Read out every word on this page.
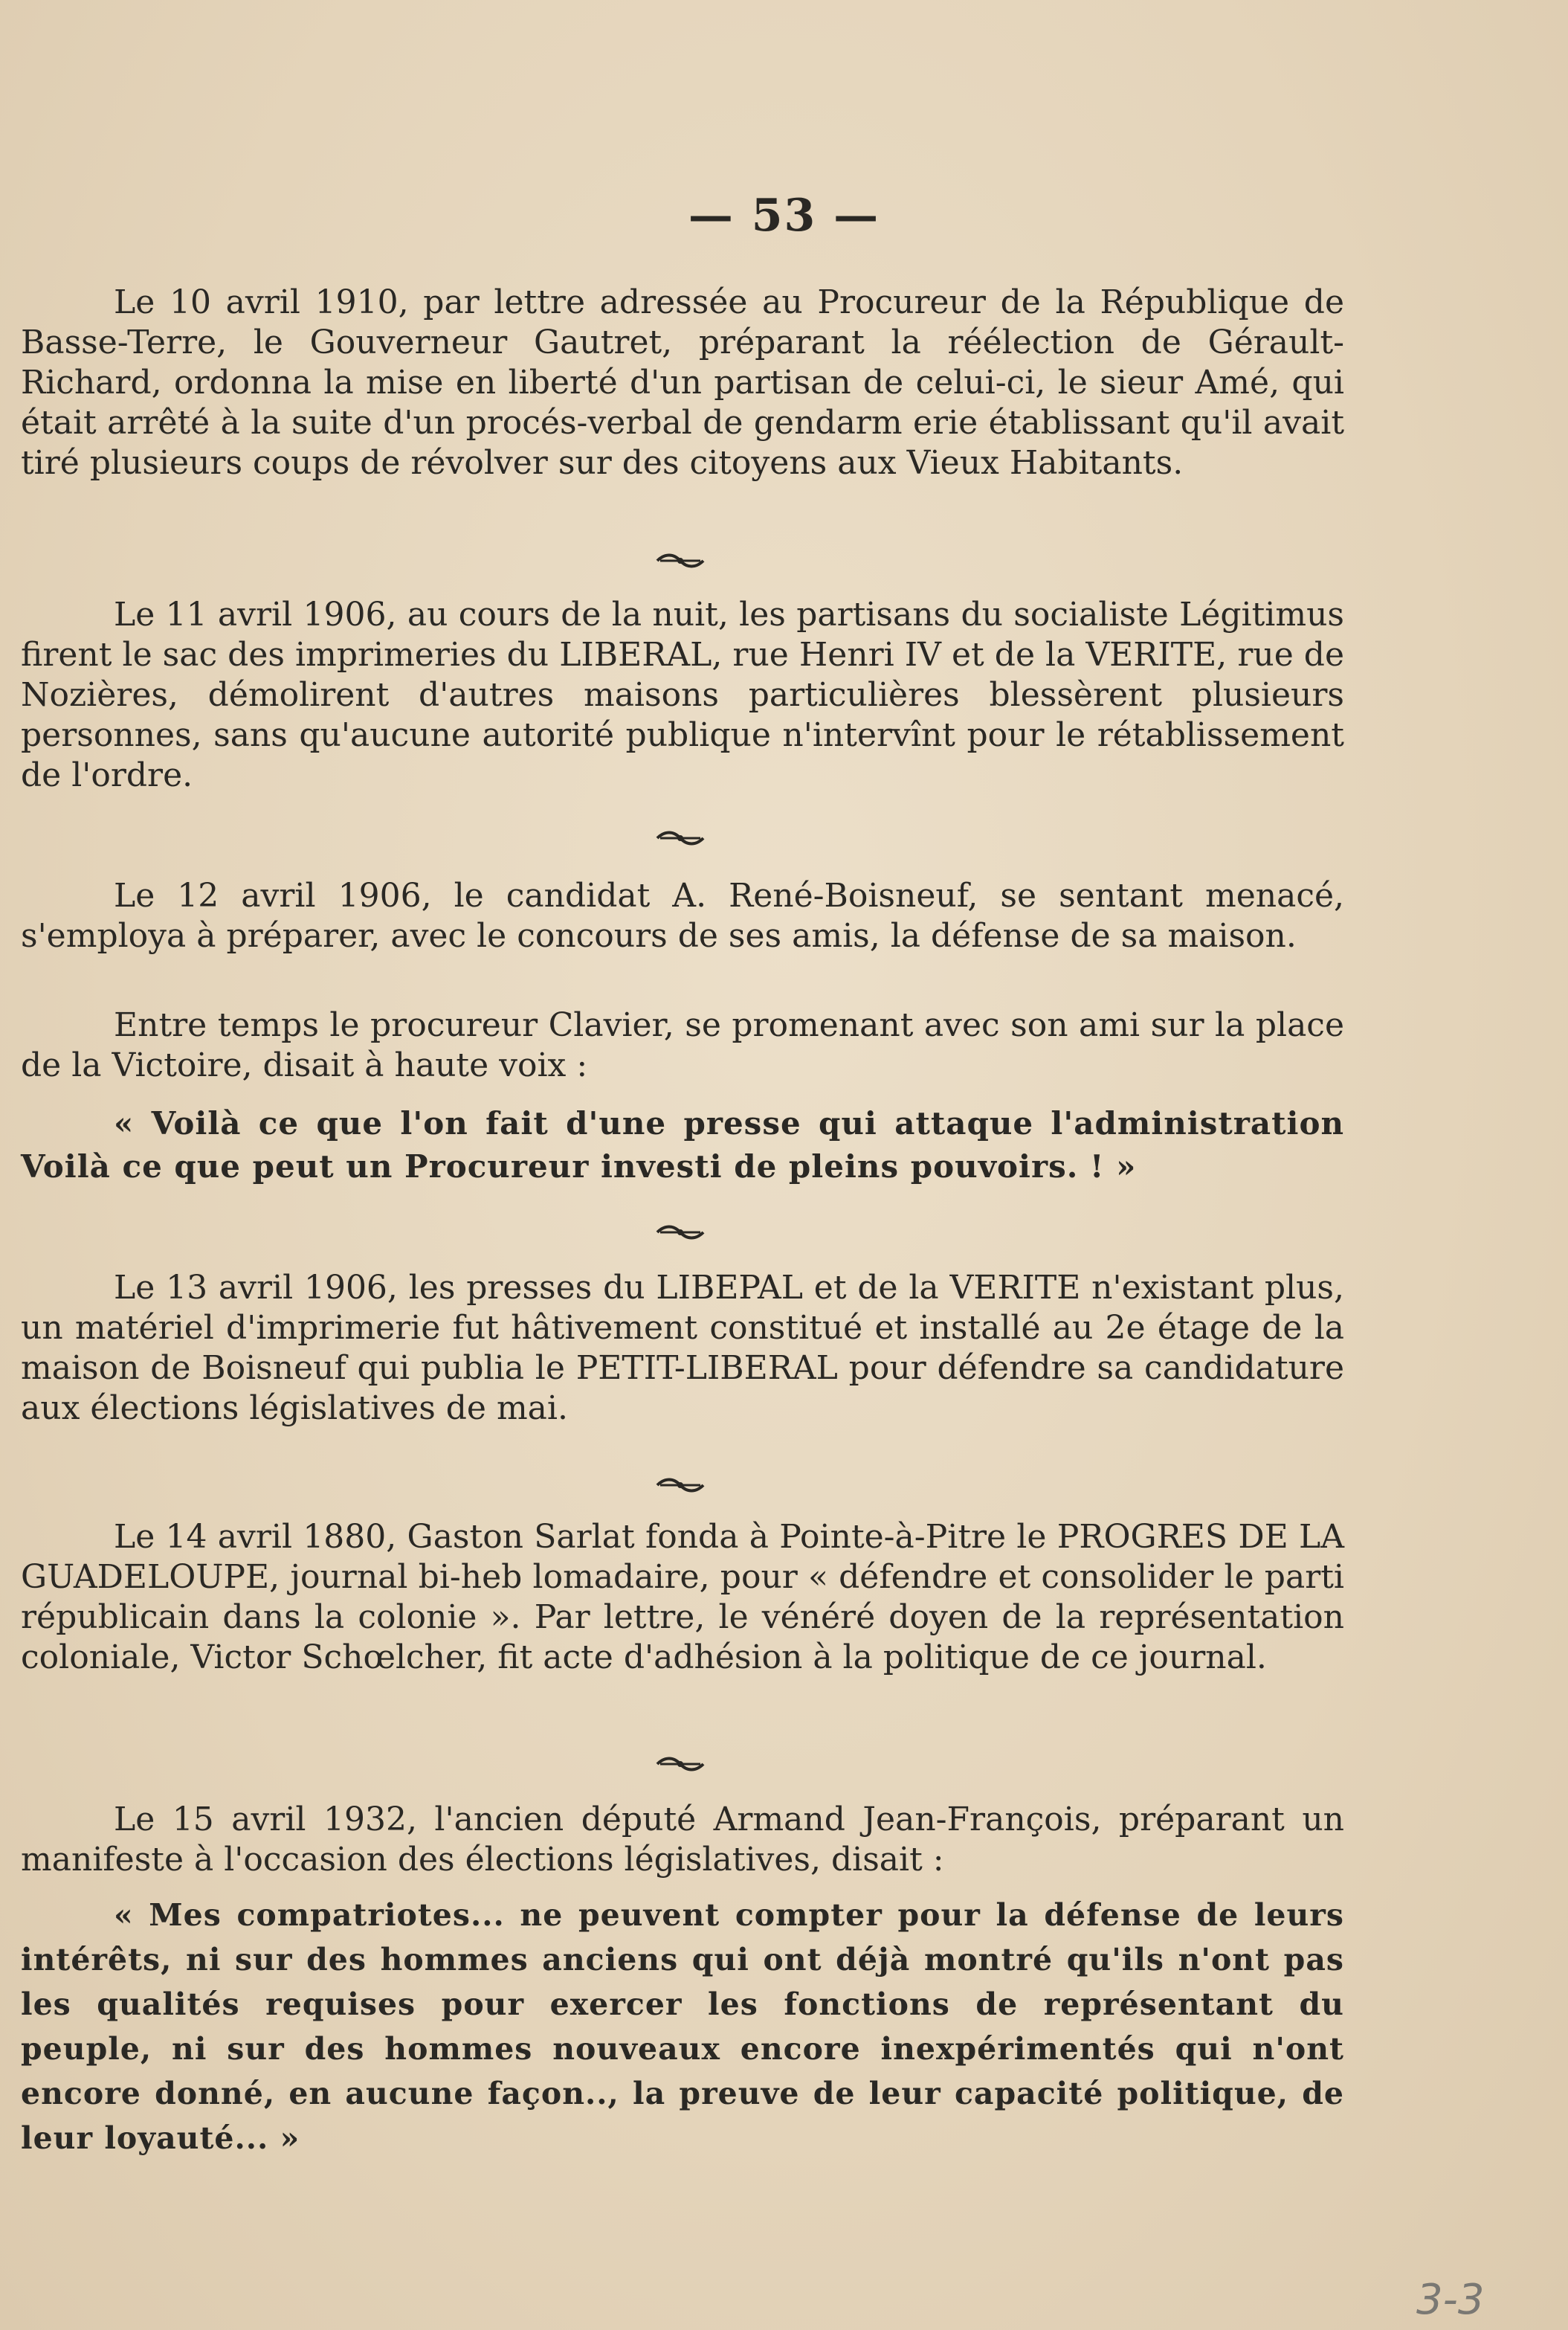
— 53 —

Le 10 avril 1910, par lettre adressée au Procureur de la République de Basse-Terre, le Gouverneur Gautret, préparant la réélection de Gérault-Richard, ordonna la mise en liberté d'un partisan de celui-ci, le sieur Amé, qui était arrêté à la suite d'un procés-verbal de gendarm erie établissant qu'il avait tiré plusieurs coups de révolver sur des citoyens aux Vieux Habitants.

Le 11 avril 1906, au cours de la nuit, les partisans du socialiste Légitimus firent le sac des imprimeries du LIBERAL, rue Henri IV et de la VERITE, rue de Nozières, démolirent d'autres maisons particulières blessèrent plusieurs personnes, sans qu'aucune autorité publique n'intervînt pour le rétablissement de l'ordre.

Le 12 avril 1906, le candidat A. René-Boisneuf, se sentant menacé, s'employa à préparer, avec le concours de ses amis, la défense de sa maison.

Entre temps le procureur Clavier, se promenant avec son ami sur la place de la Victoire, disait à haute voix :

« Voilà ce que l'on fait d'une presse qui attaque l'administration Voilà ce que peut un Procureur investi de pleins pouvoirs. ! »

Le 13 avril 1906, les presses du LIBEPAL et de la VERITE n'existant plus, un matériel d'imprimerie fut hâtivement constitué et installé au 2e étage de la maison de Boisneuf qui publia le PETIT-LIBERAL pour défendre sa candidature aux élections législatives de mai.

Le 14 avril 1880, Gaston Sarlat fonda à Pointe-à-Pitre le PROGRES DE LA GUADELOUPE, journal bi-heb lomadaire, pour « défendre et consolider le parti républicain dans la colonie ». Par lettre, le vénéré doyen de la représentation coloniale, Victor Schœlcher, fit acte d'adhésion à la politique de ce journal.

Le 15 avril 1932, l'ancien député Armand Jean-François, préparant un manifeste à l'occasion des élections législatives, disait :

« Mes compatriotes... ne peuvent compter pour la défense de leurs intérêts, ni sur des hommes anciens qui ont déjà montré qu'ils n'ont pas les qualités requises pour exercer les fonctions de représentant du peuple, ni sur des hommes nouveaux encore inexpérimentés qui n'ont encore donné, en aucune façon.., la preuve de leur capacité politique, de leur loyauté... »

3-3
